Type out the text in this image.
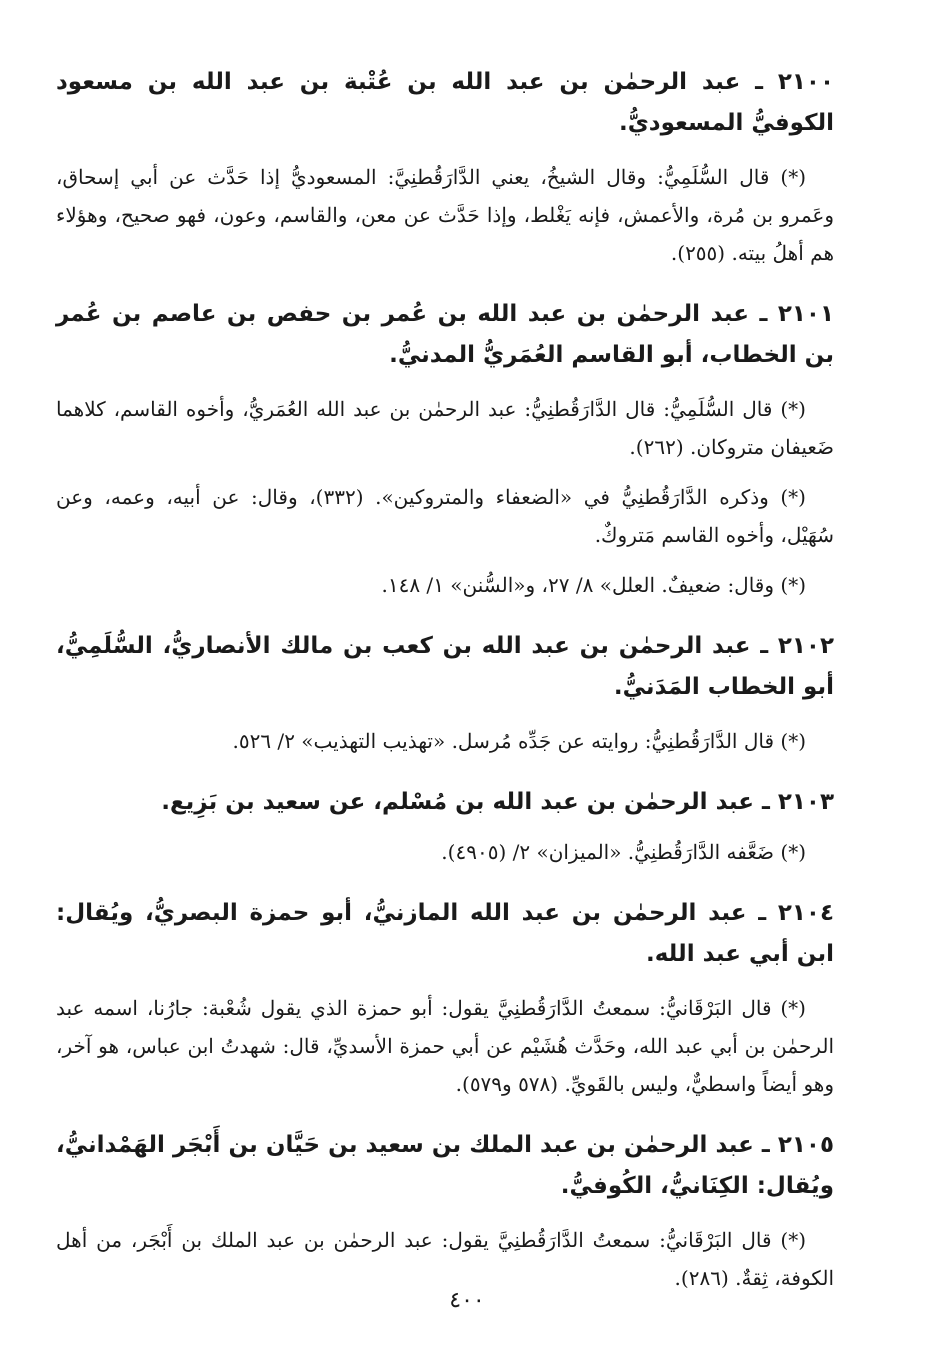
٢١٠٠ ـ عبد الرحمٰن بن عبد الله بن عُتْبة بن عبد الله بن مسعود الكوفيُّ المسعوديُّ.

(*) قال السُّلَمِيُّ: وقال الشيخُ، يعني الدَّارَقُطنِيَّ: المسعوديُّ إذا حَدَّث عن أبي إسحاق، وعَمرو بن مُرة، والأعمش، فإنه يَغْلط، وإذا حَدَّث عن معن، والقاسم، وعون، فهو صحيح، وهؤلاء هم أهلُ بيته. (٢٥٥).

٢١٠١ ـ عبد الرحمٰن بن عبد الله بن عُمر بن حفص بن عاصم بن عُمر بن الخطاب، أبو القاسم العُمَريُّ المدنيُّ.

(*) قال السُّلَمِيُّ: قال الدَّارَقُطنِيُّ: عبد الرحمٰن بن عبد الله العُمَريُّ، وأخوه القاسم، كلاهما ضَعيفان متروكان. (٢٦٢).

(*) وذكره الدَّارَقُطنِيُّ في «الضعفاء والمتروكين». (٣٣٢)، وقال: عن أبيه، وعمه، وعن سُهَيْل، وأخوه القاسم مَتروكٌ.

(*) وقال: ضعيفٌ. العلل» ٨/ ٢٧، و«السُّنن» ١/ ١٤٨.

٢١٠٢ ـ عبد الرحمٰن بن عبد الله بن كعب بن مالك الأنصاريُّ، السُّلَمِيُّ، أبو الخطاب المَدَنيُّ.

(*) قال الدَّارَقُطنِيُّ: روايته عن جَدِّه مُرسل. «تهذيب التهذيب» ٢/ ٥٢٦.

٢١٠٣ ـ عبد الرحمٰن بن عبد الله بن مُسْلم، عن سعيد بن بَزِيع.

(*) ضَعَّفه الدَّارَقُطنِيُّ. «الميزان» ٢/ (٤٩٠٥).

٢١٠٤ ـ عبد الرحمٰن بن عبد الله المازنيُّ، أبو حمزة البصريُّ، ويُقال: ابن أبي عبد الله.

(*) قال البَرْقَانيُّ: سمعتُ الدَّارَقُطنِيَّ يقول: أبو حمزة الذي يقول شُعْبة: جارُنا، اسمه عبد الرحمٰن بن أبي عبد الله، وحَدَّث هُشَيْم عن أبي حمزة الأسديِّ، قال: شهدتُ ابن عباس، هو آخر، وهو أيضاً واسطيٌّ، وليس بالقَويِّ. (٥٧٨ و٥٧٩).

٢١٠٥ ـ عبد الرحمٰن بن عبد الملك بن سعيد بن حَيَّان بن أَبْجَر الهَمْدانيُّ، ويُقال: الكِنَانيُّ، الكُوفيُّ.

(*) قال البَرْقَانيُّ: سمعتُ الدَّارَقُطنِيَّ يقول: عبد الرحمٰن بن عبد الملك بن أَبْجَر، من أهل الكوفة، ثِقةٌ. (٢٨٦).

٤٠٠
